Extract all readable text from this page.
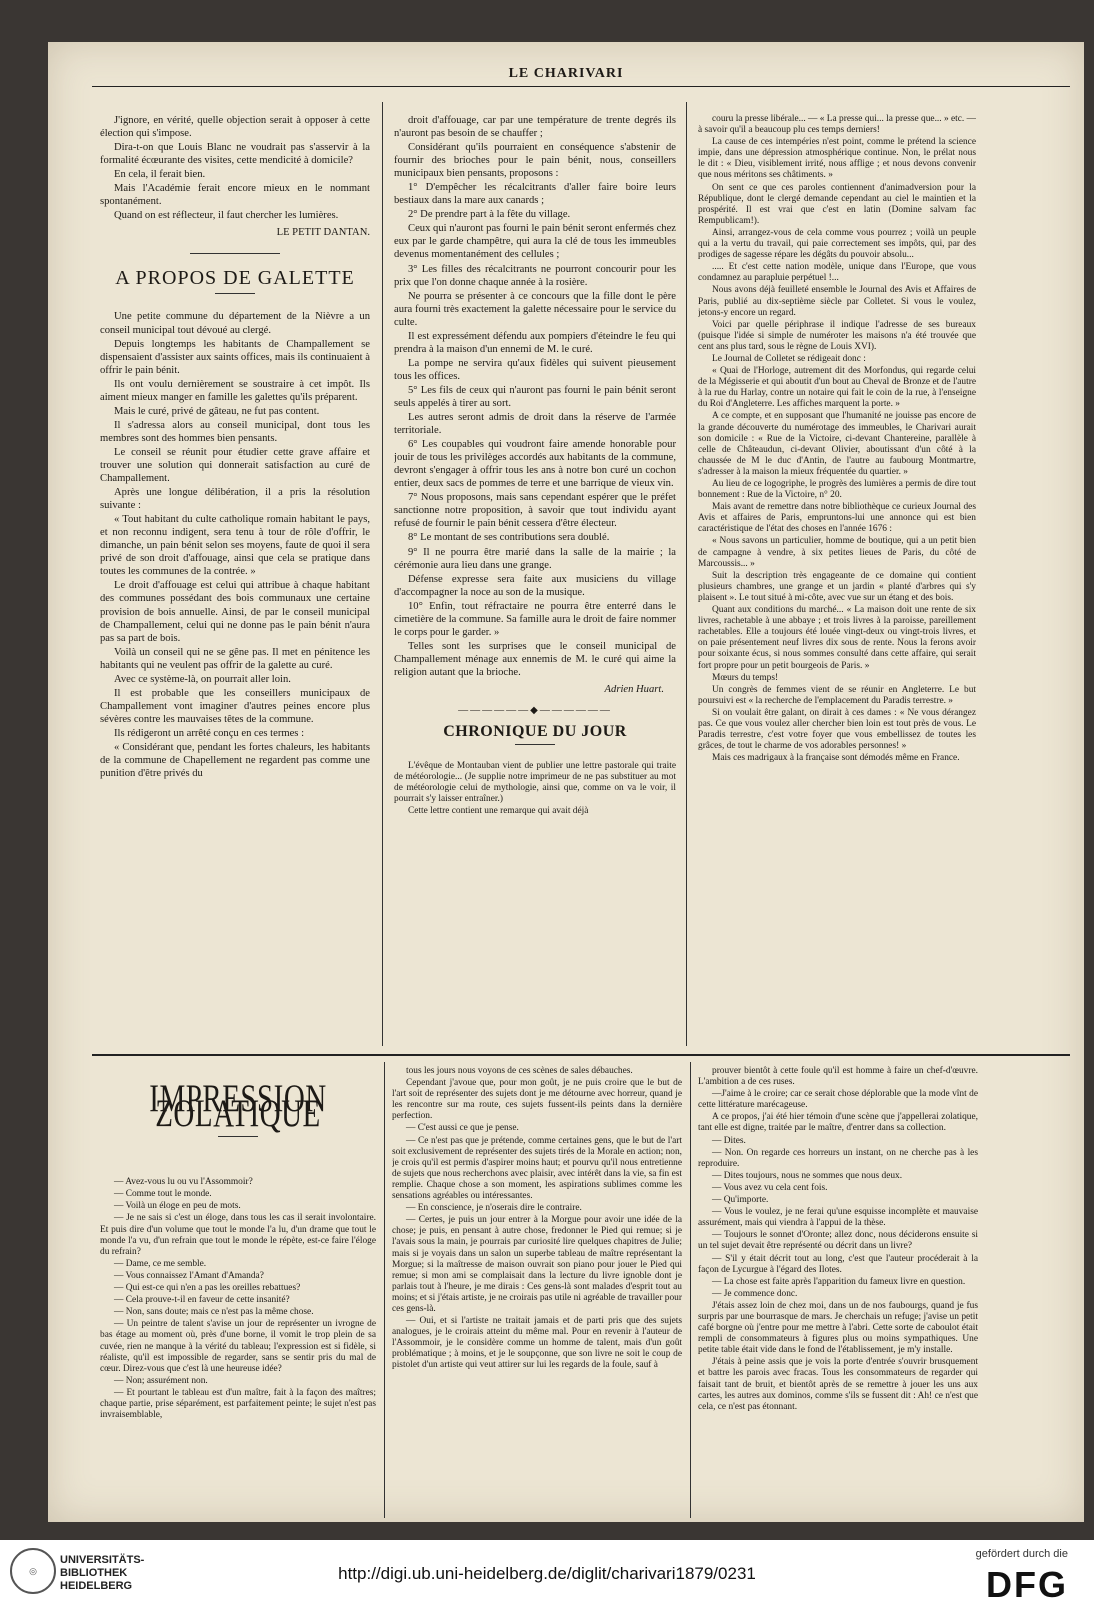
LE CHARIVARI

J'ignore, en vérité, quelle objection serait à opposer à cette élection qui s'impose.

Dira-t-on que Louis Blanc ne voudrait pas s'asservir à la formalité écœurante des visites, cette mendicité à domicile?

En cela, il ferait bien.

Mais l'Académie ferait encore mieux en le nommant spontanément.

Quand on est réflecteur, il faut chercher les lumières.

LE PETIT DANTAN.

A PROPOS DE GALETTE

Une petite commune du département de la Nièvre a un conseil municipal tout dévoué au clergé.

Depuis longtemps les habitants de Champallement se dispensaient d'assister aux saints offices, mais ils continuaient à offrir le pain bénit.

Ils ont voulu dernièrement se soustraire à cet impôt. Ils aiment mieux manger en famille les galettes qu'ils préparent.

Mais le curé, privé de gâteau, ne fut pas content.

Il s'adressa alors au conseil municipal, dont tous les membres sont des hommes bien pensants.

Le conseil se réunit pour étudier cette grave affaire et trouver une solution qui donnerait satisfaction au curé de Champallement.

Après une longue délibération, il a pris la résolution suivante :

« Tout habitant du culte catholique romain habitant le pays, et non reconnu indigent, sera tenu à tour de rôle d'offrir, le dimanche, un pain bénit selon ses moyens, faute de quoi il sera privé de son droit d'affouage, ainsi que cela se pratique dans toutes les communes de la contrée. »

Le droit d'affouage est celui qui attribue à chaque habitant des communes possédant des bois communaux une certaine provision de bois annuelle. Ainsi, de par le conseil municipal de Champallement, celui qui ne donne pas le pain bénit n'aura pas sa part de bois.

Voilà un conseil qui ne se gêne pas. Il met en pénitence les habitants qui ne veulent pas offrir de la galette au curé.

Avec ce système-là, on pourrait aller loin.

Il est probable que les conseillers municipaux de Champallement vont imaginer d'autres peines encore plus sévères contre les mauvaises têtes de la commune.

Ils rédigeront un arrêté conçu en ces termes :

« Considérant que, pendant les fortes chaleurs, les habitants de la commune de Chapellement ne regardent pas comme une punition d'être privés du

droit d'affouage, car par une température de trente degrés ils n'auront pas besoin de se chauffer ;

Considérant qu'ils pourraient en conséquence s'abstenir de fournir des brioches pour le pain bénit, nous, conseillers municipaux bien pensants, proposons :

1° D'empêcher les récalcitrants d'aller faire boire leurs bestiaux dans la mare aux canards ;

2° De prendre part à la fête du village.

Ceux qui n'auront pas fourni le pain bénit seront enfermés chez eux par le garde champêtre, qui aura la clé de tous les immeubles devenus momentanément des cellules ;

3° Les filles des récalcitrants ne pourront concourir pour les prix que l'on donne chaque année à la rosière.

Ne pourra se présenter à ce concours que la fille dont le père aura fourni très exactement la galette nécessaire pour le service du culte.

Il est expressément défendu aux pompiers d'éteindre le feu qui prendra à la maison d'un ennemi de M. le curé.

La pompe ne servira qu'aux fidèles qui suivent pieusement tous les offices.

5° Les fils de ceux qui n'auront pas fourni le pain bénit seront seuls appelés à tirer au sort.

Les autres seront admis de droit dans la réserve de l'armée territoriale.

6° Les coupables qui voudront faire amende honorable pour jouir de tous les privilèges accordés aux habitants de la commune, devront s'engager à offrir tous les ans à notre bon curé un cochon entier, deux sacs de pommes de terre et une barrique de vieux vin.

7° Nous proposons, mais sans cependant espérer que le préfet sanctionne notre proposition, à savoir que tout individu ayant refusé de fournir le pain bénit cessera d'être électeur.

8° Le montant de ses contributions sera doublé.

9° Il ne pourra être marié dans la salle de la mairie ; la cérémonie aura lieu dans une grange.

Défense expresse sera faite aux musiciens du village d'accompagner la noce au son de la musique.

10° Enfin, tout réfractaire ne pourra être enterré dans le cimetière de la commune. Sa famille aura le droit de faire nommer le corps pour le garder. »

Telles sont les surprises que le conseil municipal de Champallement ménage aux ennemis de M. le curé qui aime la religion autant que la brioche.

Adrien Huart.

——————◆——————
CHRONIQUE DU JOUR

L'évêque de Montauban vient de publier une lettre pastorale qui traite de météorologie... (Je supplie notre imprimeur de ne pas substituer au mot de météorologie celui de mythologie, ainsi que, comme on va le voir, il pourrait s'y laisser entraîner.)

Cette lettre contient une remarque qui avait déjà

couru la presse libérale... — « La presse qui... la presse que... » etc. — à savoir qu'il a beaucoup plu ces temps derniers!

La cause de ces intempéries n'est point, comme le prétend la science impie, dans une dépression atmosphérique continue. Non, le prélat nous le dit : « Dieu, visiblement irrité, nous afflige ; et nous devons convenir que nous méritons ses châtiments. »

On sent ce que ces paroles contiennent d'animadversion pour la République, dont le clergé demande cependant au ciel le maintien et la prospérité. Il est vrai que c'est en latin (Domine salvam fac Rempublicam!).

Ainsi, arrangez-vous de cela comme vous pourrez ; voilà un peuple qui a la vertu du travail, qui paie correctement ses impôts, qui, par des prodiges de sagesse répare les dégâts du pouvoir absolu...

..... Et c'est cette nation modèle, unique dans l'Europe, que vous condamnez au parapluie perpétuel !...

Nous avons déjà feuilleté ensemble le Journal des Avis et Affaires de Paris, publié au dix-septième siècle par Colletet. Si vous le voulez, jetons-y encore un regard.

Voici par quelle périphrase il indique l'adresse de ses bureaux (puisque l'idée si simple de numéroter les maisons n'a été trouvée que cent ans plus tard, sous le règne de Louis XVI).

Le Journal de Colletet se rédigeait donc :

« Quai de l'Horloge, autrement dit des Morfondus, qui regarde celui de la Mégisserie et qui aboutit d'un bout au Cheval de Bronze et de l'autre à la rue du Harlay, contre un notaire qui fait le coin de la rue, à l'enseigne du Roi d'Angleterre. Les affiches marquent la porte. »

A ce compte, et en supposant que l'humanité ne jouisse pas encore de la grande découverte du numérotage des immeubles, le Charivari aurait son domicile : « Rue de la Victoire, ci-devant Chantereine, parallèle à celle de Châteaudun, ci-devant Olivier, aboutissant d'un côté à la chaussée de M le duc d'Antin, de l'autre au faubourg Montmartre, s'adresser à la maison la mieux fréquentée du quartier. »

Au lieu de ce logogriphe, le progrès des lumières a permis de dire tout bonnement : Rue de la Victoire, n° 20.

Mais avant de remettre dans notre bibliothèque ce curieux Journal des Avis et affaires de Paris, empruntons-lui une annonce qui est bien caractéristique de l'état des choses en l'année 1676 :

« Nous savons un particulier, homme de boutique, qui a un petit bien de campagne à vendre, à six petites lieues de Paris, du côté de Marcoussis... »

Suit la description très engageante de ce domaine qui contient plusieurs chambres, une grange et un jardin « planté d'arbres qui s'y plaisent ». Le tout situé à mi-côte, avec vue sur un étang et des bois.

Quant aux conditions du marché... « La maison doit une rente de six livres, rachetable à une abbaye ; et trois livres à la paroisse, pareillement rachetables. Elle a toujours été louée vingt-deux ou vingt-trois livres, et on paie présentement neuf livres dix sous de rente. Nous la ferons avoir pour soixante écus, si nous sommes consulté dans cette affaire, qui serait fort propre pour un petit bourgeois de Paris. »

Mœurs du temps!

Un congrès de femmes vient de se réunir en Angleterre. Le but poursuivi est « la recherche de l'emplacement du Paradis terrestre. »

Si on voulait être galant, on dirait à ces dames : « Ne vous dérangez pas. Ce que vous voulez aller chercher bien loin est tout près de vous. Le Paradis terrestre, c'est votre foyer que vous embellissez de toutes les grâces, de tout le charme de vos adorables personnes! »

Mais ces madrigaux à la française sont démodés même en France.

IMPRESSION ZOLATIQUE

— Avez-vous lu ou vu l'Assommoir?

— Comme tout le monde.

— Voilà un éloge en peu de mots.

— Je ne sais si c'est un éloge, dans tous les cas il serait involontaire. Et puis dire d'un volume que tout le monde l'a lu, d'un drame que tout le monde l'a vu, d'un refrain que tout le monde le répète, est-ce faire l'éloge du refrain?

— Dame, ce me semble.

— Vous connaissez l'Amant d'Amanda?

— Qui est-ce qui n'en a pas les oreilles rebattues?

— Cela prouve-t-il en faveur de cette insanité?

— Non, sans doute; mais ce n'est pas la même chose.

— Un peintre de talent s'avise un jour de représenter un ivrogne de bas étage au moment où, près d'une borne, il vomit le trop plein de sa cuvée, rien ne manque à la vérité du tableau; l'expression est si fidèle, si réaliste, qu'il est impossible de regarder, sans se sentir pris du mal de cœur. Direz-vous que c'est là une heureuse idée?

— Non; assurément non.

— Et pourtant le tableau est d'un maître, fait à la façon des maîtres; chaque partie, prise séparément, est parfaitement peinte; le sujet n'est pas invraisemblable,

tous les jours nous voyons de ces scènes de sales débauches.

Cependant j'avoue que, pour mon goût, je ne puis croire que le but de l'art soit de représenter des sujets dont je me détourne avec horreur, quand je les rencontre sur ma route, ces sujets fussent-ils peints dans la dernière perfection.

— C'est aussi ce que je pense.

— Ce n'est pas que je prétende, comme certaines gens, que le but de l'art soit exclusivement de représenter des sujets tirés de la Morale en action; non, je crois qu'il est permis d'aspirer moins haut; et pourvu qu'il nous entretienne de sujets que nous recherchons avec plaisir, avec intérêt dans la vie, sa fin est remplie. Chaque chose a son moment, les aspirations sublimes comme les sensations agréables ou intéressantes.

— En conscience, je n'oserais dire le contraire.

— Certes, je puis un jour entrer à la Morgue pour avoir une idée de la chose; je puis, en pensant à autre chose, fredonner le Pied qui remue; si je l'avais sous la main, je pourrais par curiosité lire quelques chapitres de Julie; mais si je voyais dans un salon un superbe tableau de maître représentant la Morgue; si la maîtresse de maison ouvrait son piano pour jouer le Pied qui remue; si mon ami se complaisait dans la lecture du livre ignoble dont je parlais tout à l'heure, je me dirais : Ces gens-là sont malades d'esprit tout au moins; et si j'étais artiste, je ne croirais pas utile ni agréable de travailler pour ces gens-là.

— Oui, et si l'artiste ne traitait jamais et de parti pris que des sujets analogues, je le croirais atteint du même mal. Pour en revenir à l'auteur de l'Assommoir, je le considère comme un homme de talent, mais d'un goût problématique ; à moins, et je le soupçonne, que son livre ne soit le coup de pistolet d'un artiste qui veut attirer sur lui les regards de la foule, sauf à

prouver bientôt à cette foule qu'il est homme à faire un chef-d'œuvre. L'ambition a de ces ruses.

—J'aime à le croire; car ce serait chose déplorable que la mode vînt de cette littérature marécageuse.

A ce propos, j'ai été hier témoin d'une scène que j'appellerai zolatique, tant elle est digne, traitée par le maître, d'entrer dans sa collection.

— Dites.

— Non. On regarde ces horreurs un instant, on ne cherche pas à les reproduire.

— Dites toujours, nous ne sommes que nous deux.

— Vous avez vu cela cent fois.

— Qu'importe.

— Vous le voulez, je ne ferai qu'une esquisse incomplète et mauvaise assurément, mais qui viendra à l'appui de la thèse.

— Toujours le sonnet d'Oronte; allez donc, nous déciderons ensuite si un tel sujet devait être représenté ou décrit dans un livre?

— S'il y était décrit tout au long, c'est que l'auteur procéderait à la façon de Lycurgue à l'égard des Ilotes.

— La chose est faite après l'apparition du fameux livre en question.

— Je commence donc.

J'étais assez loin de chez moi, dans un de nos faubourgs, quand je fus surpris par une bourrasque de mars. Je cherchais un refuge; j'avise un petit café borgne où j'entre pour me mettre à l'abri. Cette sorte de caboulot était rempli de consommateurs à figures plus ou moins sympathiques. Une petite table était vide dans le fond de l'établissement, je m'y installe.

J'étais à peine assis que je vois la porte d'entrée s'ouvrir brusquement et battre les parois avec fracas. Tous les consommateurs de regarder qui faisait tant de bruit, et bientôt après de se remettre à jouer les uns aux cartes, les autres aux dominos, comme s'ils se fussent dit : Ah! ce n'est que cela, ce n'est pas étonnant.

◎
UNIVERSITÄTS-
BIBLIOTHEK
HEIDELBERG
http://digi.ub.uni-heidelberg.de/diglit/charivari1879/0231
gefördert durch die
DFG
